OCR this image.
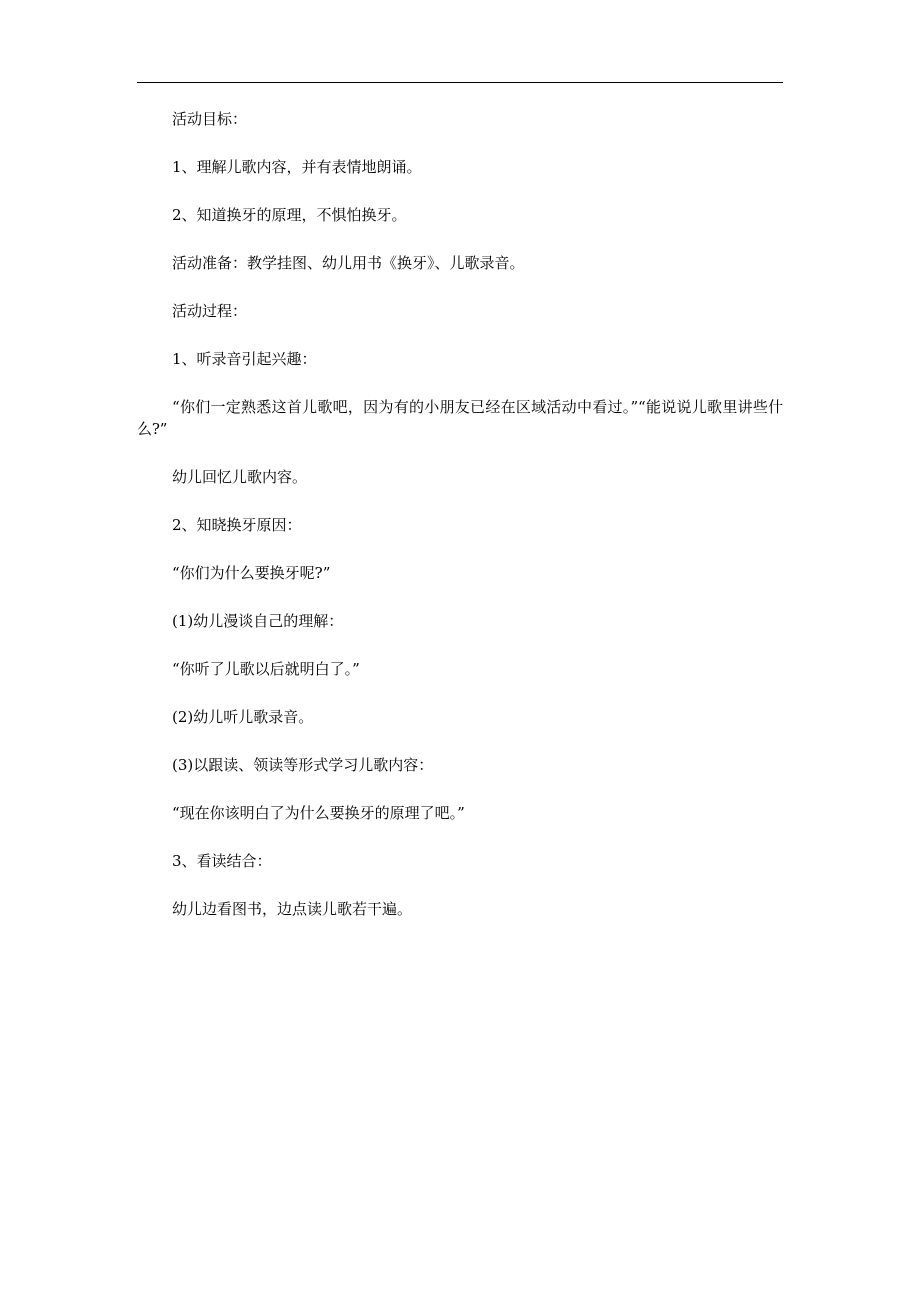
活动目标：

1、理解儿歌内容，并有表情地朗诵。

2、知道换牙的原理，不惧怕换牙。

活动准备：教学挂图、幼儿用书《换牙》、儿歌录音。

活动过程：

1、听录音引起兴趣：

“你们一定熟悉这首儿歌吧，因为有的小朋友已经在区域活动中看过。”“能说说儿歌里讲些什么?”

幼儿回忆儿歌内容。

2、知晓换牙原因：

“你们为什么要换牙呢?”

(1)幼儿漫谈自己的理解：

“你听了儿歌以后就明白了。”

(2)幼儿听儿歌录音。

(3)以跟读、领读等形式学习儿歌内容：

“现在你该明白了为什么要换牙的原理了吧。”

3、看读结合：

幼儿边看图书，边点读儿歌若干遍。
